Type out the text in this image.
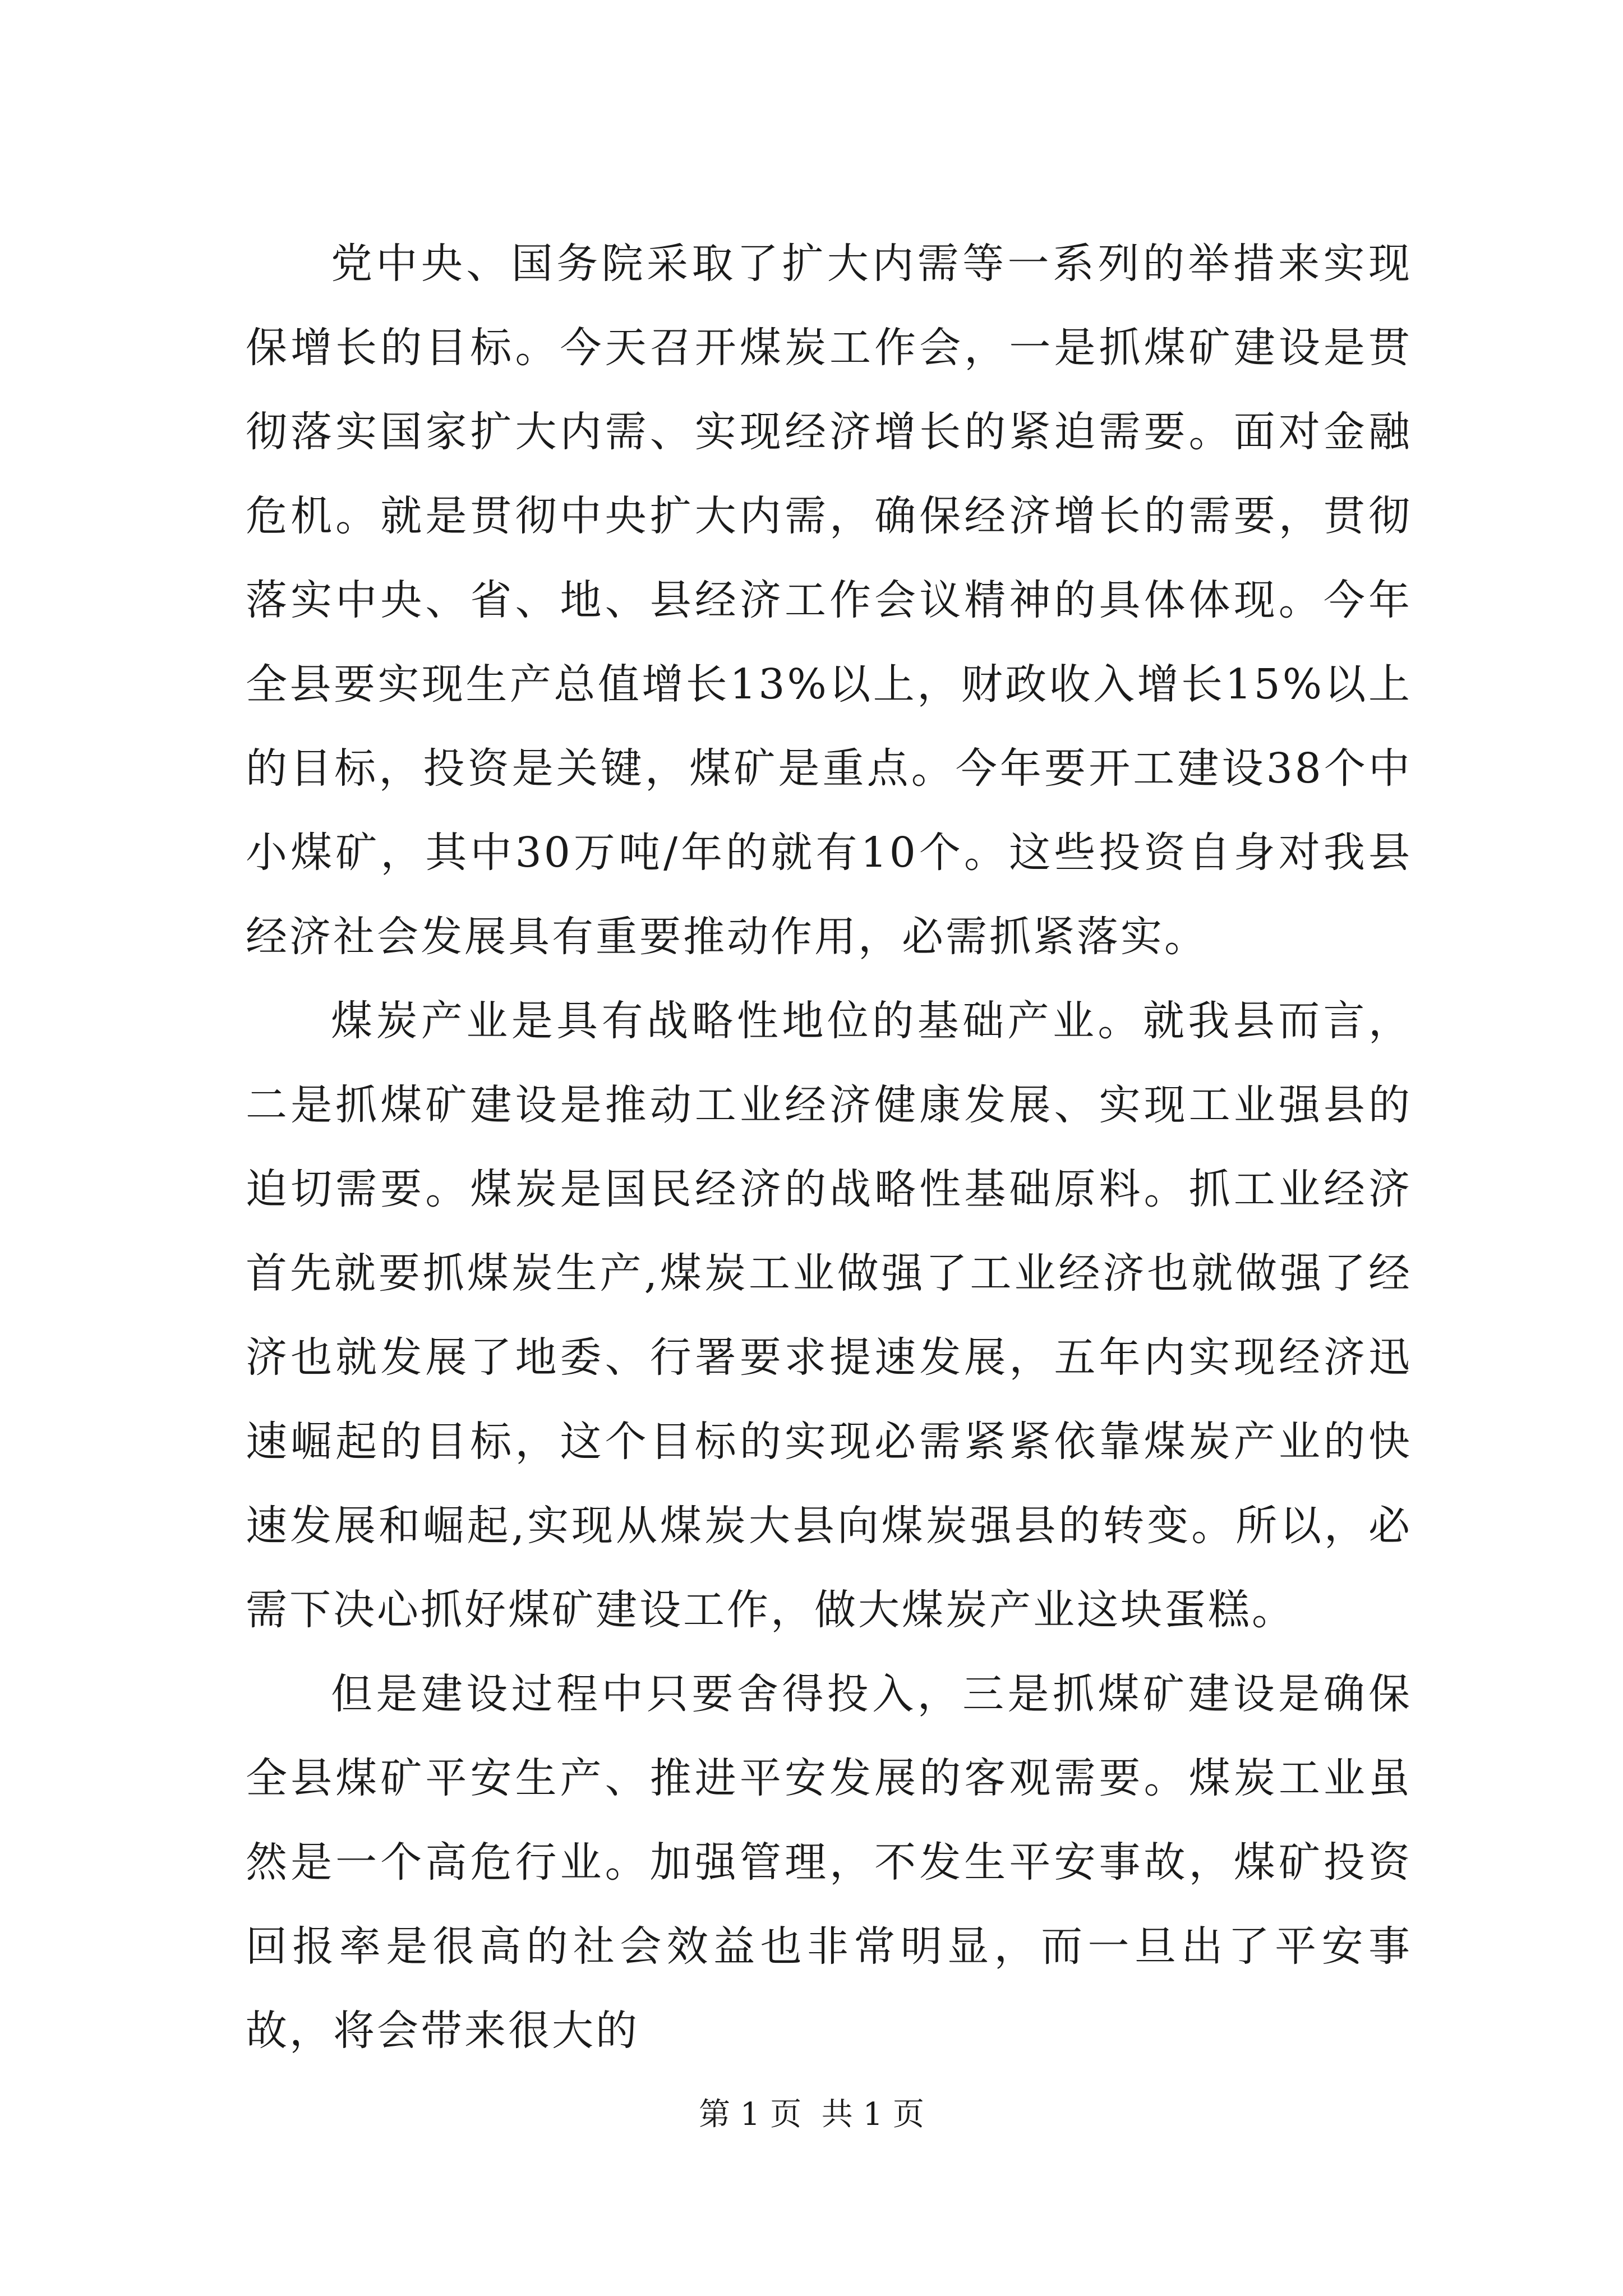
党中央、国务院采取了扩大内需等一系列的举措来实现保增长的目标。今天召开煤炭工作会，一是抓煤矿建设是贯彻落实国家扩大内需、实现经济增长的紧迫需要。面对金融危机。就是贯彻中央扩大内需，确保经济增长的需要，贯彻落实中央、省、地、县经济工作会议精神的具体体现。今年全县要实现生产总值增长13%以上，财政收入增长15%以上的目标，投资是关键，煤矿是重点。今年要开工建设38个中小煤矿，其中30万吨/年的就有10个。这些投资自身对我县经济社会发展具有重要推动作用，必需抓紧落实。

煤炭产业是具有战略性地位的基础产业。就我县而言，二是抓煤矿建设是推动工业经济健康发展、实现工业强县的迫切需要。煤炭是国民经济的战略性基础原料。抓工业经济首先就要抓煤炭生产,煤炭工业做强了工业经济也就做强了经济也就发展了地委、行署要求提速发展，五年内实现经济迅速崛起的目标，这个目标的实现必需紧紧依靠煤炭产业的快速发展和崛起,实现从煤炭大县向煤炭强县的转变。所以，必需下决心抓好煤矿建设工作，做大煤炭产业这块蛋糕。

但是建设过程中只要舍得投入，三是抓煤矿建设是确保全县煤矿平安生产、推进平安发展的客观需要。煤炭工业虽然是一个高危行业。加强管理，不发生平安事故，煤矿投资回报率是很高的社会效益也非常明显，而一旦出了平安事故，将会带来很大的

第 1 页  共 1 页
